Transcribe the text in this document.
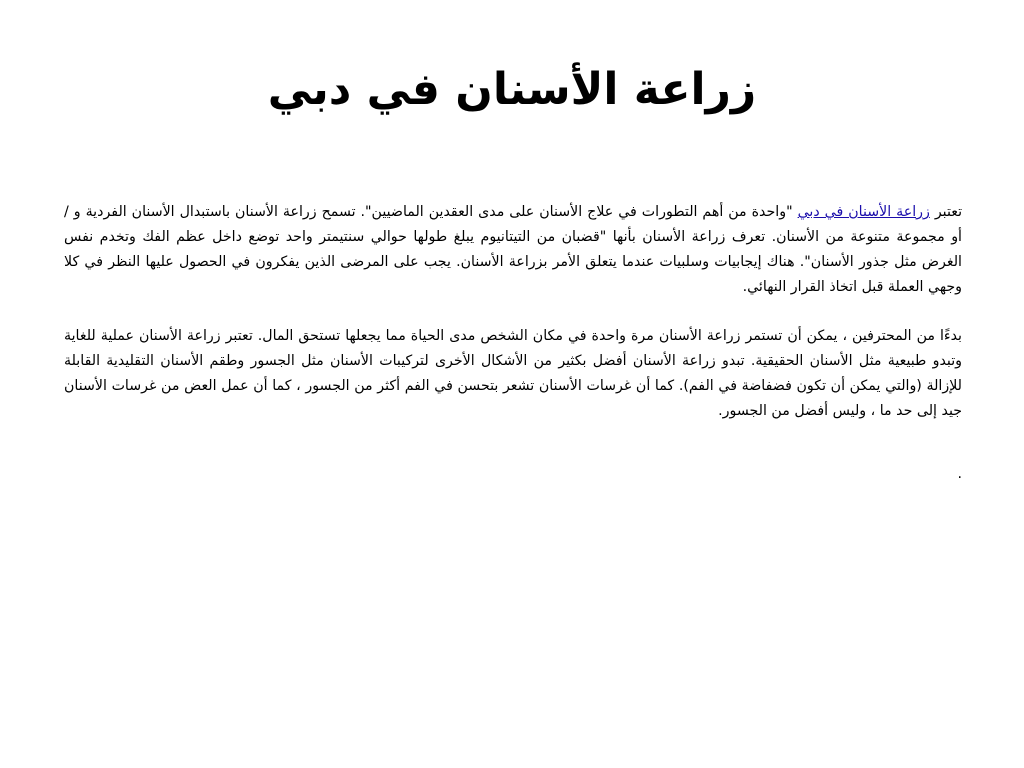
زراعة الأسنان في دبي

تعتبر زراعة الأسنان في دبي "واحدة من أهم التطورات في علاج الأسنان على مدى العقدين الماضيين". تسمح زراعة الأسنان باستبدال الأسنان الفردية و / أو مجموعة متنوعة من الأسنان. تعرف زراعة الأسنان بأنها "قضبان من التيتانيوم يبلغ طولها حوالي سنتيمتر واحد توضع داخل عظم الفك وتخدم نفس الغرض مثل جذور الأسنان". هناك إيجابيات وسلبيات عندما يتعلق الأمر بزراعة الأسنان. يجب على المرضى الذين يفكرون في الحصول عليها النظر في كلا وجهي العملة قبل اتخاذ القرار النهائي.

بدءًا من المحترفين ، يمكن أن تستمر زراعة الأسنان مرة واحدة في مكان الشخص مدى الحياة مما يجعلها تستحق المال. تعتبر زراعة الأسنان عملية للغاية وتبدو طبيعية مثل الأسنان الحقيقية. تبدو زراعة الأسنان أفضل بكثير من الأشكال الأخرى لتركيبات الأسنان مثل الجسور وطقم الأسنان التقليدية القابلة للإزالة (والتي يمكن أن تكون فضفاضة في الفم). كما أن غرسات الأسنان تشعر بتحسن في الفم أكثر من الجسور ، كما أن عمل العض من غرسات الأسنان جيد إلى حد ما ، وليس أفضل من الجسور.

.
